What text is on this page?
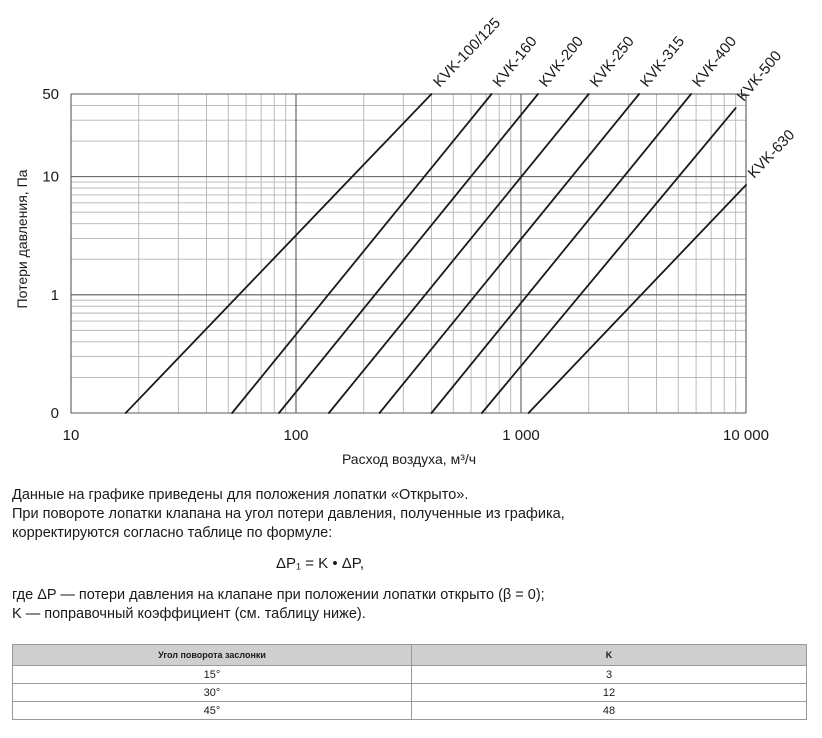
10	100	1 000	10 000
0
1
10
50
KVK-100/125
KVK-160
KVK-200 KVK-250 KVK-315 KVK-400
KVK-500
KVK-630
Расход воздуха, м³/ч
Потери давления, Па

Данные на графике приведены для положения лопатки «Открыто».

При повороте лопатки клапана на угол потери давления, полученные из графика,

корректируются согласно таблице по формуле:

ΔP₁ = K • ΔP,

где ΔP — потери давления на клапане при положении лопатки открыто (β = 0);

K — поправочный коэффициент (см. таблицу ниже).

Угол поворота заслонки	K
15°	3
30°	12
45°	48
